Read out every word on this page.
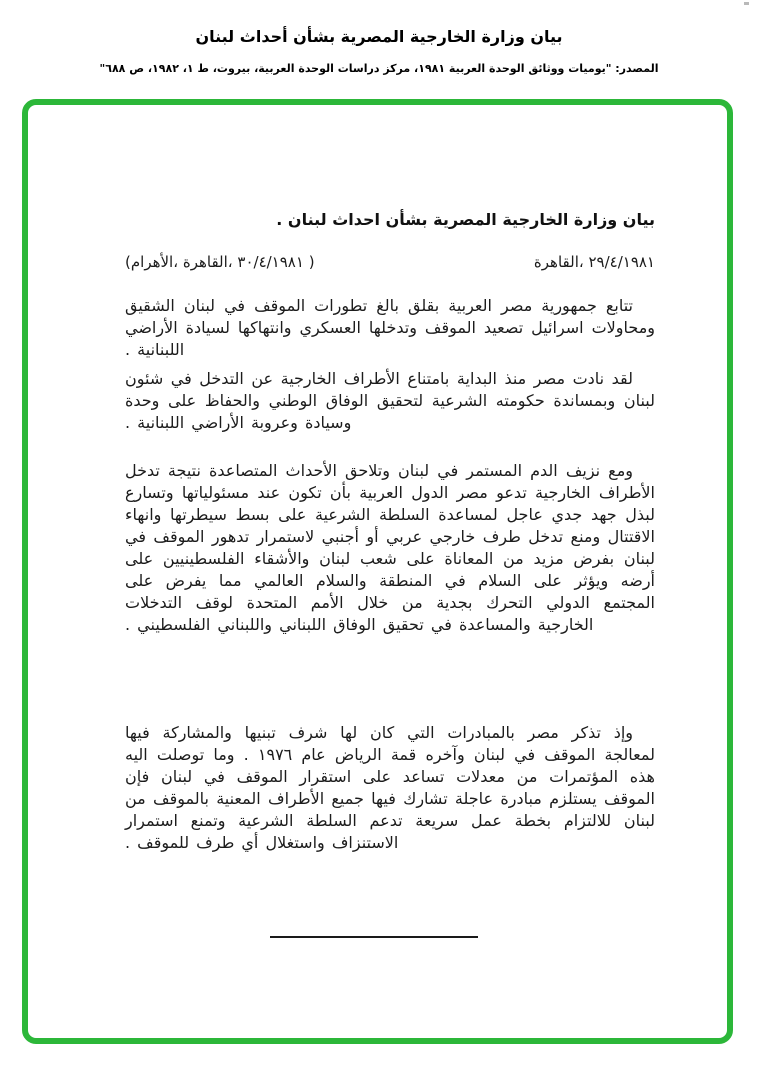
بيان وزارة الخارجية المصرية بشأن أحداث لبنان
المصدر: "يوميات ووثائق الوحدة العربية ١٩٨١، مركز دراسات الوحدة العربية، بيروت، ط ١، ١٩٨٢، ص ٦٨٨"
بيان وزارة الخارجية المصرية بشأن احداث لبنان .
(الأهرام، القاهرة، ٣٠/٤/١٩٨١ )	القاهرة، ٢٩/٤/١٩٨١

تتابع جمهورية مصر العربية بقلق بالغ تطورات الموقف في لبنان الشقيق ومحاولات اسرائيل تصعيد الموقف وتدخلها العسكري وانتهاكها لسيادة الأراضي اللبنانية .

لقد نادت مصر منذ البداية بامتناع الأطراف الخارجية عن التدخل في شئون لبنان وبمساندة حكومته الشرعية لتحقيق الوفاق الوطني والحفاظ على وحدة وسيادة وعروبة الأراضي اللبنانية .

ومع نزيف الدم المستمر في لبنان وتلاحق الأحداث المتصاعدة نتيجة تدخل الأطراف الخارجية تدعو مصر الدول العربية بأن تكون عند مسئولياتها وتسارع لبذل جهد جدي عاجل لمساعدة السلطة الشرعية على بسط سيطرتها وانهاء الاقتتال ومنع تدخل طرف خارجي عربي أو أجنبي لاستمرار تدهور الموقف في لبنان بفرض مزيد من المعاناة على شعب لبنان والأشقاء الفلسطينيين على أرضه ويؤثر على السلام في المنطقة والسلام العالمي مما يفرض على المجتمع الدولي التحرك بجدية من خلال الأمم المتحدة لوقف التدخلات الخارجية والمساعدة في تحقيق الوفاق اللبناني واللبناني الفلسطيني .

وإذ تذكر مصر بالمبادرات التي كان لها شرف تبنيها والمشاركة فيها لمعالجة الموقف في لبنان وآخره قمة الرياض عام ١٩٧٦ . وما توصلت اليه هذه المؤتمرات من معدلات تساعد على استقرار الموقف في لبنان فإن الموقف يستلزم مبادرة عاجلة تشارك فيها جميع الأطراف المعنية بالموقف من لبنان للالتزام بخطة عمل سريعة تدعم السلطة الشرعية وتمنع استمرار الاستنزاف واستغلال أي طرف للموقف .
